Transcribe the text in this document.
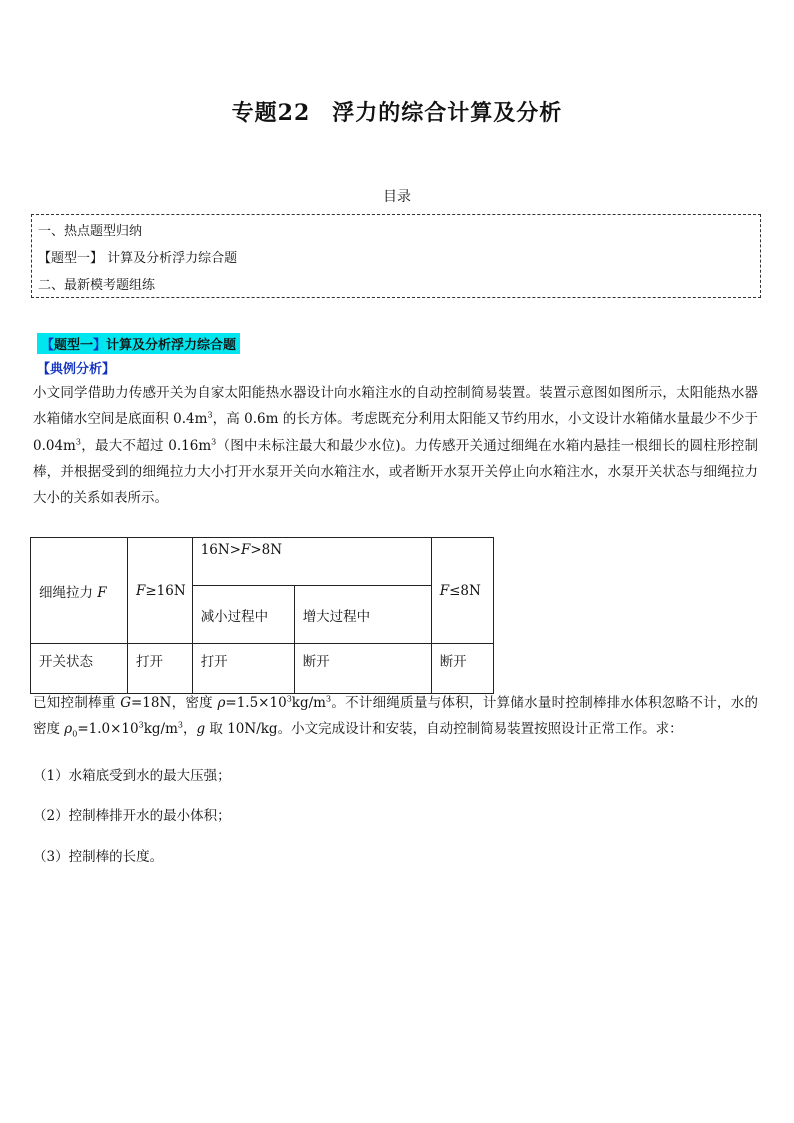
专题22 浮力的综合计算及分析
目录
一、热点题型归纳
【题型一】 计算及分析浮力综合题
二、最新模考题组练
【题型一】计算及分析浮力综合题
【典例分析】
小文同学借助力传感开关为自家太阳能热水器设计向水箱注水的自动控制简易装置。装置示意图如图所示，太阳能热水器水箱储水空间是底面积 $0.4m^3$，高 0.6m 的长方体。考虑既充分利用太阳能又节约用水，小文设计水箱储水量最少不少于 $0.04m^3$，最大不超过 $0.16m^3$（图中未标注最大和最少水位)。力传感开关通过细绳在水箱内悬挂一根细长的圆柱形控制棒，并根据受到的细绳拉力大小打开水泵开关向水箱注水，或者断开水泵开关停止向水箱注水，水泵开关状态与细绳拉力大小的关系如表所示。
细绳拉力 F	F≥16N	16N>F>8N		F≤8N
		减小过程中	增大过程中	
开关状态	打开	打开	断开	断开
已知控制棒重 G=18N，密度 $\rho=1.5\times 10^3kg/m^3$。不计细绳质量与体积，计算储水量时控制棒排水体积忽略不计，水的密度 $\rho_0=1.0\times 10^3kg/m^3$，g 取 10N/kg。小文完成设计和安装，自动控制简易装置按照设计正常工作。求：
（1）水箱底受到水的最大压强；
（2）控制棒排开水的最小体积；
（3）控制棒的长度。
